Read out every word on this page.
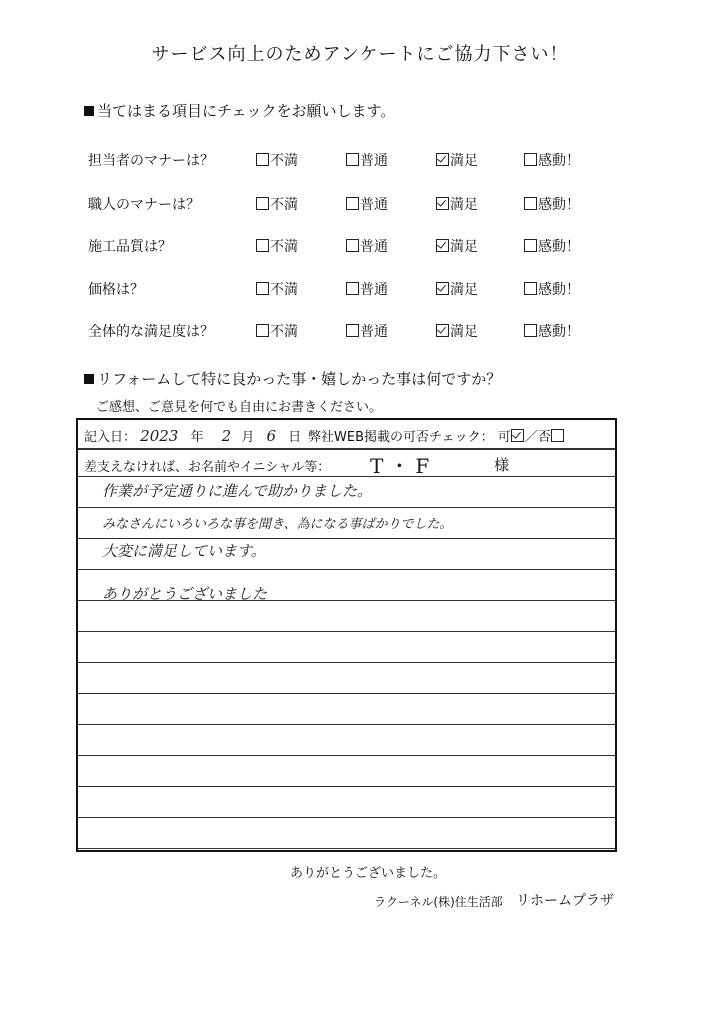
サービス向上のためアンケートにご協力下さい！
当てはまる項目にチェックをお願いします。
担当者のマナーは？	不満	普通	満足	感動！
職人のマナーは？	不満	普通	満足	感動！
施工品質は？	不満	普通	満足	感動！
価格は？	不満	普通	満足	感動！
全体的な満足度は？	不満	普通	満足	感動！
リフォームして特に良かった事・嬉しかった事は何ですか？
ご感想、ご意見を何でも自由にお書きください。
記入日： 2023 年 2 月 6 日 弊社WEB掲載の可否チェック： 可 ／否
差支えなければ、お名前やイニシャル等： T・F	様
作業が予定通りに進んで助かりました。
みなさんにいろいろな事を聞き、為になる事ばかりでした。
大変に満足しています。
ありがとうございました
ありがとうございました。
ラクーネル(株)住生活部 リホームプラザ
